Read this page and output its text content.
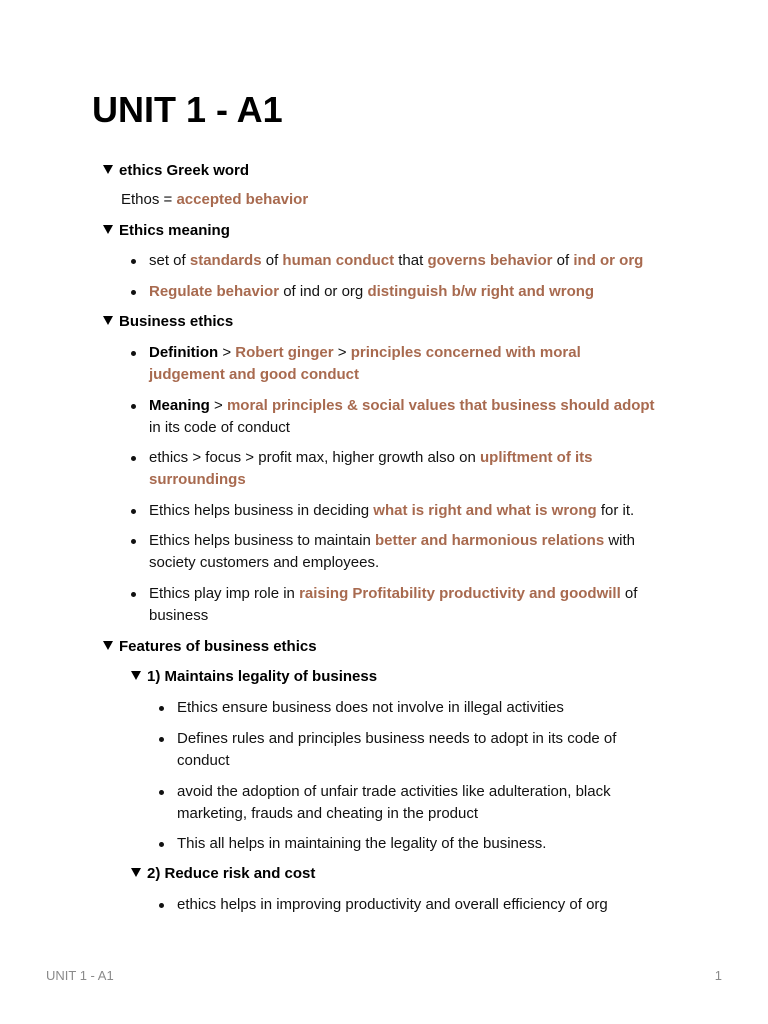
UNIT 1 - A1
ethics Greek word
Ethos = accepted behavior
Ethics meaning
set of standards of human conduct that governs behavior of ind or org
Regulate behavior of ind or org distinguish b/w right and wrong
Business ethics
Definition > Robert ginger > principles concerned with moral
judgement and good conduct
Meaning > moral principles & social values that business should adopt
in its code of conduct
ethics > focus > profit max, higher growth also on upliftment of its
surroundings
Ethics helps business in deciding what is right and what is wrong for it.
Ethics helps business to maintain better and harmonious relations with
society customers and employees.
Ethics play imp role in raising Profitability productivity and goodwill of
business
Features of business ethics
1) Maintains legality of business
Ethics ensure business does not involve in illegal activities
Defines rules and principles business needs to adopt in its code of
conduct
avoid the adoption of unfair trade activities like adulteration, black
marketing, frauds and cheating in the product
This all helps in maintaining the legality of the business.
2) Reduce risk and cost
ethics helps in improving productivity and overall efficiency of org
UNIT 1 - A1	1
